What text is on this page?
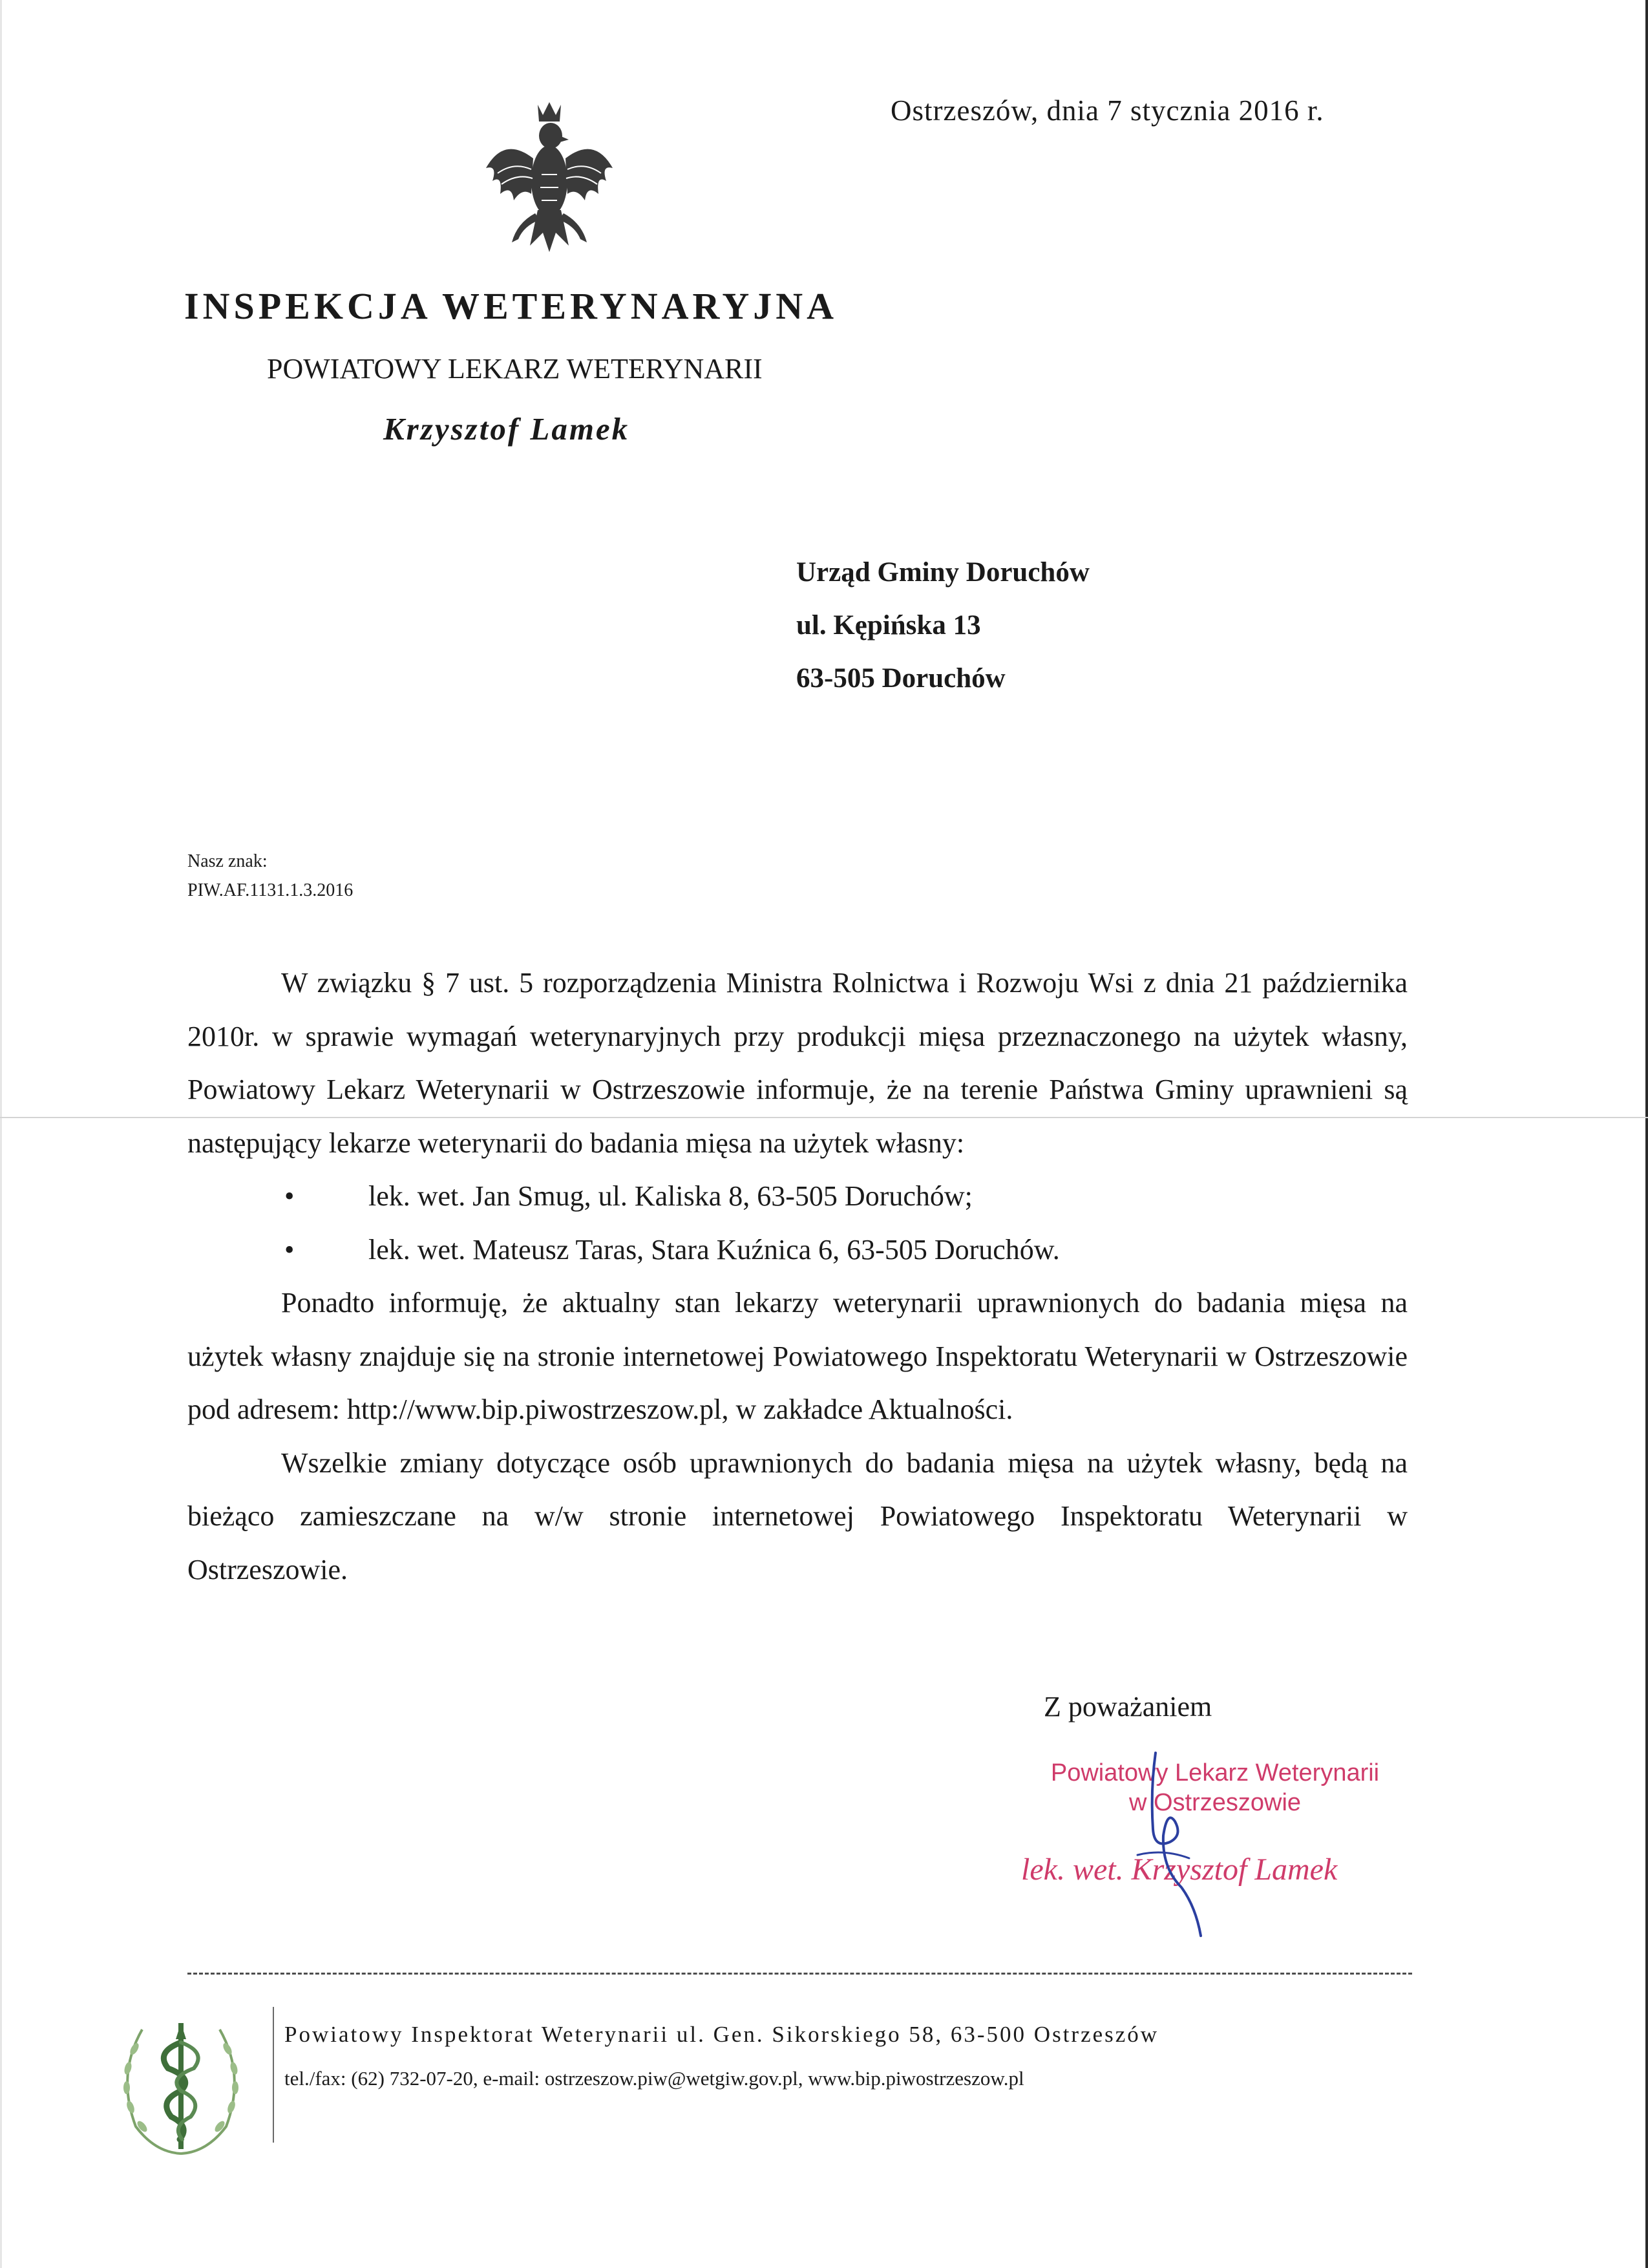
Ostrzeszów, dnia 7 stycznia 2016 r.
INSPEKCJA WETERYNARYJNA
POWIATOWY LEKARZ WETERYNARII
Krzysztof Lamek
Urząd Gminy Doruchów
ul. Kępińska 13
63-505 Doruchów
Nasz znak:
PIW.AF.1131.1.3.2016

W związku § 7 ust. 5 rozporządzenia Ministra Rolnictwa i Rozwoju Wsi z dnia 21 października 2010r. w sprawie wymagań weterynaryjnych przy produkcji mięsa przeznaczonego na użytek własny, Powiatowy Lekarz Weterynarii w Ostrzeszowie informuje, że na terenie Państwa Gminy uprawnieni są następujący lekarze weterynarii do badania mięsa na użytek własny:

• lek. wet. Jan Smug, ul. Kaliska 8, 63-505 Doruchów;
• lek. wet. Mateusz Taras, Stara Kuźnica 6, 63-505 Doruchów.

Ponadto informuję, że aktualny stan lekarzy weterynarii uprawnionych do badania mięsa na użytek własny znajduje się na stronie internetowej Powiatowego Inspektoratu Weterynarii w Ostrzeszowie pod adresem: http://www.bip.piwostrzeszow.pl, w zakładce Aktualności.

Wszelkie zmiany dotyczące osób uprawnionych do badania mięsa na użytek własny, będą na bieżąco zamieszczane na w/w stronie internetowej Powiatowego Inspektoratu Weterynarii w Ostrzeszowie.

Z poważaniem
Powiatowy Lekarz Weterynarii
w Ostrzeszowie
lek. wet. Krzysztof Lamek
Powiatowy Inspektorat Weterynarii ul. Gen. Sikorskiego 58, 63-500 Ostrzeszów
tel./fax: (62) 732-07-20, e-mail: ostrzeszow.piw@wetgiw.gov.pl, www.bip.piwostrzeszow.pl
